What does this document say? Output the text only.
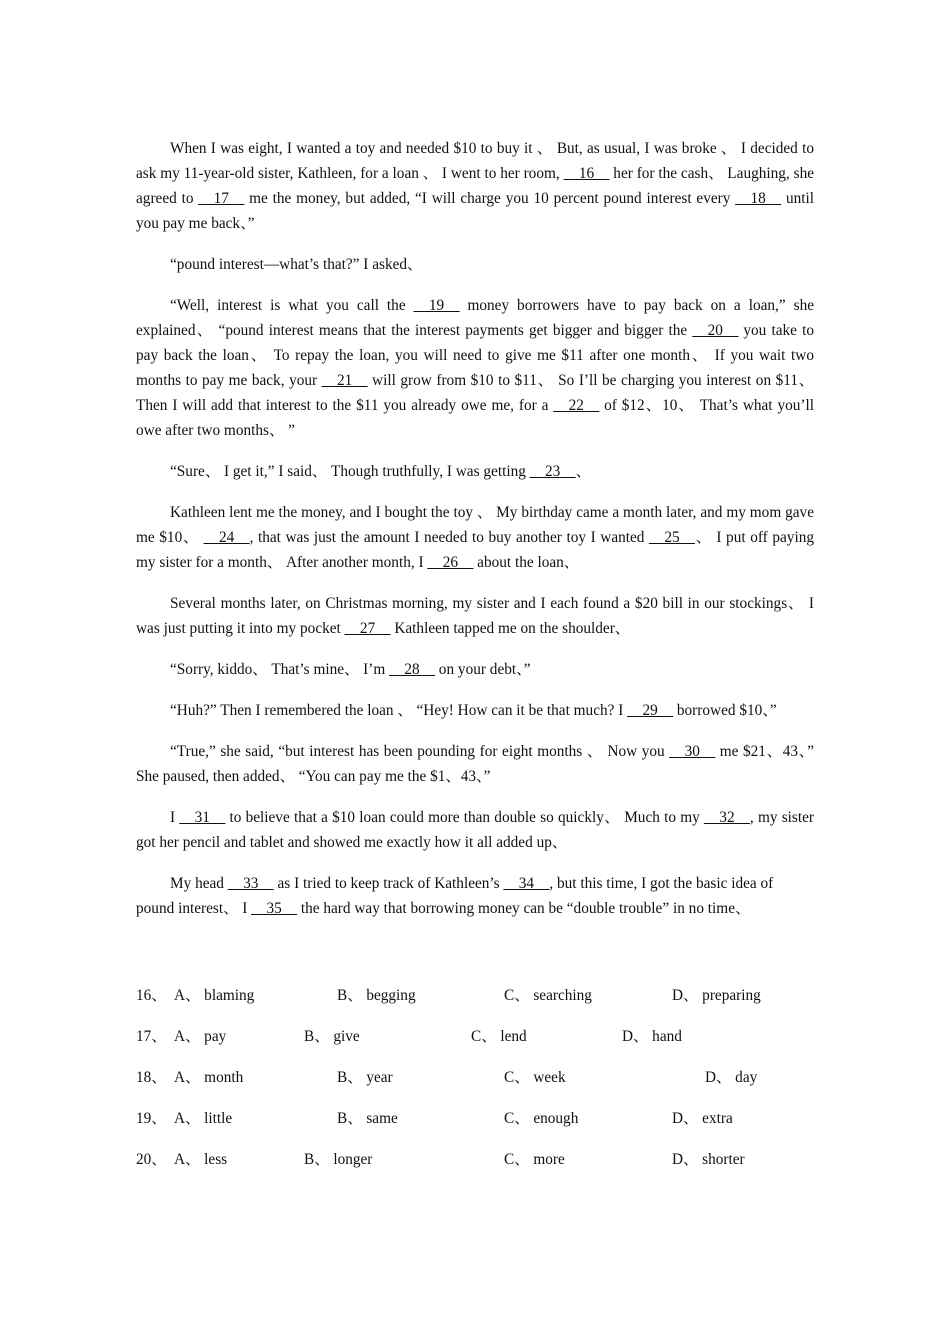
When I was eight, I wanted a toy and needed $10 to buy it 、 But, as usual, I was broke 、 I decided to ask my 11-year-old sister, Kathleen, for a loan 、 I went to her room, __16__ her for the cash、 Laughing, she agreed to __17__ me the money, but added, “I will charge you 10 percent pound interest every __18__ until you pay me back、”

“pound interest—what’s that?” I asked、

“Well, interest is what you call the __19__ money borrowers have to pay back on a loan,” she explained、 “pound interest means that the interest payments get bigger and bigger the __20__ you take to pay back the loan、 To repay the loan, you will need to give me $11 after one month、 If you wait two months to pay me back, your __21__ will grow from $10 to $11、 So I’ll be charging you interest on $11、 Then I will add that interest to the $11 you already owe me, for a __22__ of $12、10、 That’s what you’ll owe after two months、 ”

“Sure、 I get it,” I said、 Though truthfully, I was getting __23__、

Kathleen lent me the money, and I bought the toy 、 My birthday came a month later, and my mom gave me $10、 __24__, that was just the amount I needed to buy another toy I wanted __25__、 I put off paying my sister for a month、 After another month, I __26__ about the loan、

Several months later, on Christmas morning, my sister and I each found a $20 bill in our stockings、 I was just putting it into my pocket __27__ Kathleen tapped me on the shoulder、

“Sorry, kiddo、 That’s mine、 I’m __28__ on your debt、”

“Huh?” Then I remembered the loan 、 “Hey! How can it be that much? I __29__ borrowed $10、”

“True,” she said, “but interest has been pounding for eight months 、 Now you __30__ me $21、43、” She paused, then added、 “You can pay me the $1、43、”

I __31__ to believe that a $10 loan could more than double so quickly、 Much to my __32__, my sister got her pencil and tablet and showed me exactly how it all added up、

My head __33__ as I tried to keep track of Kathleen’s __34__, but this time, I got the basic idea of pound interest、 I __35__ the hard way that borrowing money can be “double trouble” in no time、

16、 A、 blaming	B、 begging	C、 searching	D、 preparing
17、 A、 pay	B、 give	C、 lend	D、 hand
18、 A、 month	B、 year	C、 week	D、 day
19、 A、 little	B、 same	C、 enough	D、 extra
20、 A、 less	B、 longer	C、 more	D、 shorter
